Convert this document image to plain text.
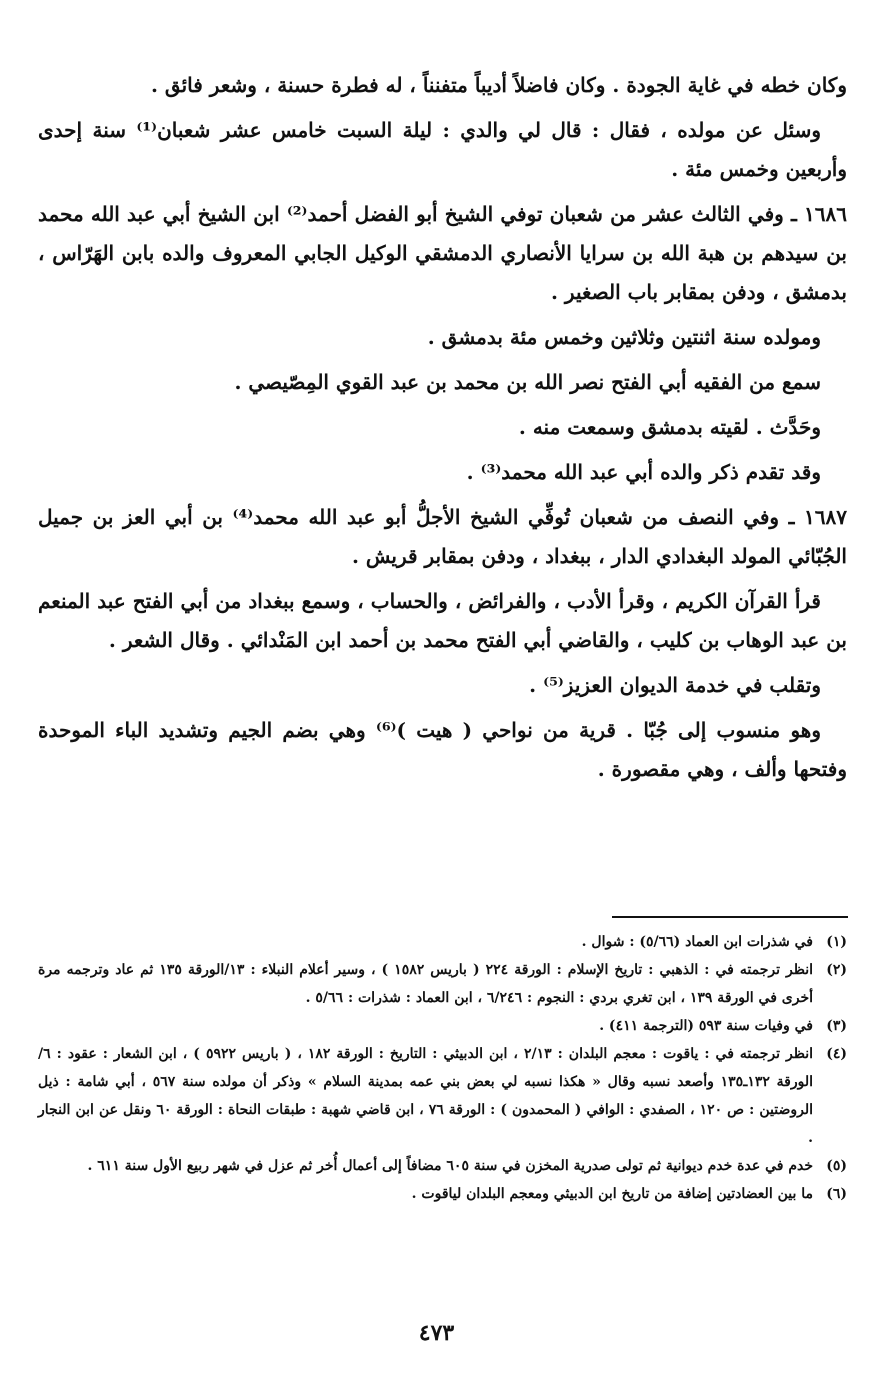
وكان خطه في غاية الجودة . وكان فاضلاً أديباً متفنناً ، له فطرة حسنة ، وشعر فائق .

وسئل عن مولده ، فقال : قال لي والدي : ليلة السبت خامس عشر شعبان⁽¹⁾ سنة إحدى وأربعين وخمس مئة .

١٦٨٦ ـ وفي الثالث عشر من شعبان توفي الشيخ أبو الفضل أحمد⁽²⁾ ابن الشيخ أبي عبد الله محمد بن سيدهم بن هبة الله بن سرايا الأنصاري الدمشقي الوكيل الجابي المعروف والده بابن الهَرّاس ، بدمشق ، ودفن بمقابر باب الصغير .

ومولده سنة اثنتين وثلاثين وخمس مئة بدمشق .

سمع من الفقيه أبي الفتح نصر الله بن محمد بن عبد القوي المِصّيصي .

وحَدَّث . لقيته بدمشق وسمعت منه .

وقد تقدم ذكر والده أبي عبد الله محمد⁽³⁾ .

١٦٨٧ ـ وفي النصف من شعبان تُوفِّي الشيخ الأجلُّ أبو عبد الله محمد⁽⁴⁾ بن أبي العز بن جميل الجُبّائي المولد البغدادي الدار ، ببغداد ، ودفن بمقابر قريش .

قرأ القرآن الكريم ، وقرأ الأدب ، والفرائض ، والحساب ، وسمع ببغداد من أبي الفتح عبد المنعم بن عبد الوهاب بن كليب ، والقاضي أبي الفتح محمد بن أحمد ابن المَنْدائي . وقال الشعر .

وتقلب في خدمة الديوان العزيز⁽⁵⁾ .

وهو منسوب إلى جُبّا . قرية من نواحي ( هيت )⁽⁶⁾ وهي بضم الجيم وتشديد الباء الموحدة وفتحها وألف ، وهي مقصورة .

(١)
في شذرات ابن العماد (٥/٦٦) : شوال .

(٢)
انظر ترجمته في : الذهبي : تاريخ الإسلام : الورقة ٢٢٤ ( باريس ١٥٨٢ ) ، وسير أعلام النبلاء : ١٣/الورقة ١٣٥ ثم عاد وترجمه مرة أخرى في الورقة ١٣٩ ، ابن تغري بردي : النجوم : ٦/٢٤٦ ، ابن العماد : شذرات : ٥/٦٦ .

(٣)
في وفيات سنة ٥٩٣ (الترجمة ٤١١) .

(٤)
انظر ترجمته في : ياقوت : معجم البلدان : ٢/١٣ ، ابن الدبيثي : التاريخ : الورقة ١٨٢ ، ( باريس ٥٩٢٢ ) ، ابن الشعار : عقود : ٦/الورقة ١٣٢ـ١٣٥ وأصعد نسبه وقال « هكذا نسبه لي بعض بني عمه بمدينة السلام » وذكر أن مولده سنة ٥٦٧ ، أبي شامة : ذيل الروضتين : ص ١٢٠ ، الصفدي : الوافي ( المحمدون ) : الورقة ٧٦ ، ابن قاضي شهبة : طبقات النحاة : الورقة ٦٠ ونقل عن ابن النجار .

(٥)
خدم في عدة خدم ديوانية ثم تولى صدرية المخزن في سنة ٦٠٥ مضافاً إلى أعمال أُخر ثم عزل في شهر ربيع الأول سنة ٦١١ .

(٦)
ما بين العضادتين إضافة من تاريخ ابن الدبيثي ومعجم البلدان لياقوت .

٤٧٣
